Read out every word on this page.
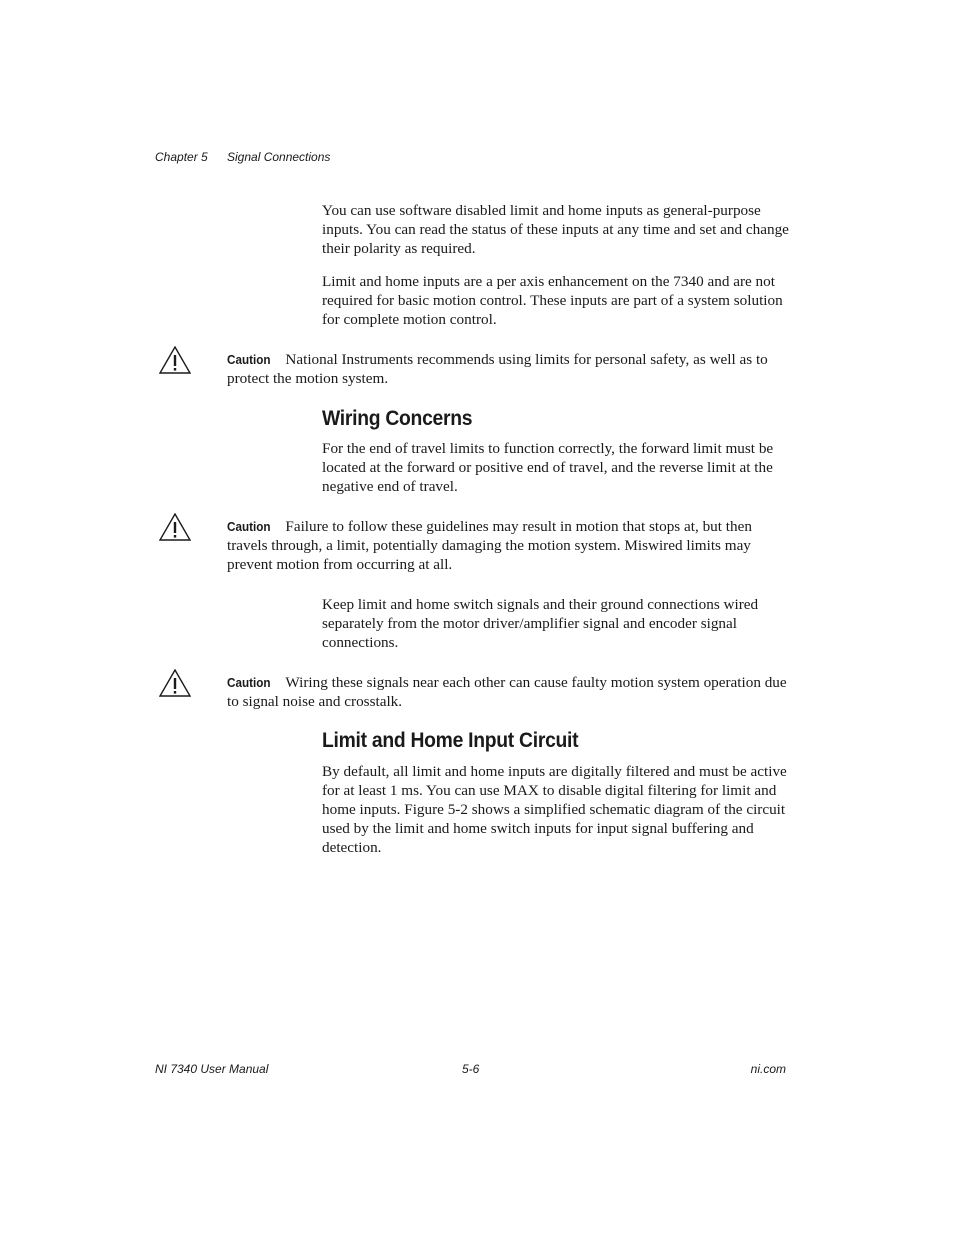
Chapter 5 Signal Connections
You can use software disabled limit and home inputs as general-purpose inputs. You can read the status of these inputs at any time and set and change their polarity as required.
Limit and home inputs are a per axis enhancement on the 7340 and are not required for basic motion control. These inputs are part of a system solution for complete motion control.
Caution National Instruments recommends using limits for personal safety, as well as to protect the motion system.
Wiring Concerns
For the end of travel limits to function correctly, the forward limit must be located at the forward or positive end of travel, and the reverse limit at the negative end of travel.
Caution Failure to follow these guidelines may result in motion that stops at, but then travels through, a limit, potentially damaging the motion system. Miswired limits may prevent motion from occurring at all.
Keep limit and home switch signals and their ground connections wired separately from the motor driver/amplifier signal and encoder signal connections.
Caution Wiring these signals near each other can cause faulty motion system operation due to signal noise and crosstalk.
Limit and Home Input Circuit
By default, all limit and home inputs are digitally filtered and must be active for at least 1 ms. You can use MAX to disable digital filtering for limit and home inputs. Figure 5-2 shows a simplified schematic diagram of the circuit used by the limit and home switch inputs for input signal buffering and detection.
NI 7340 User Manual	5-6	ni.com
